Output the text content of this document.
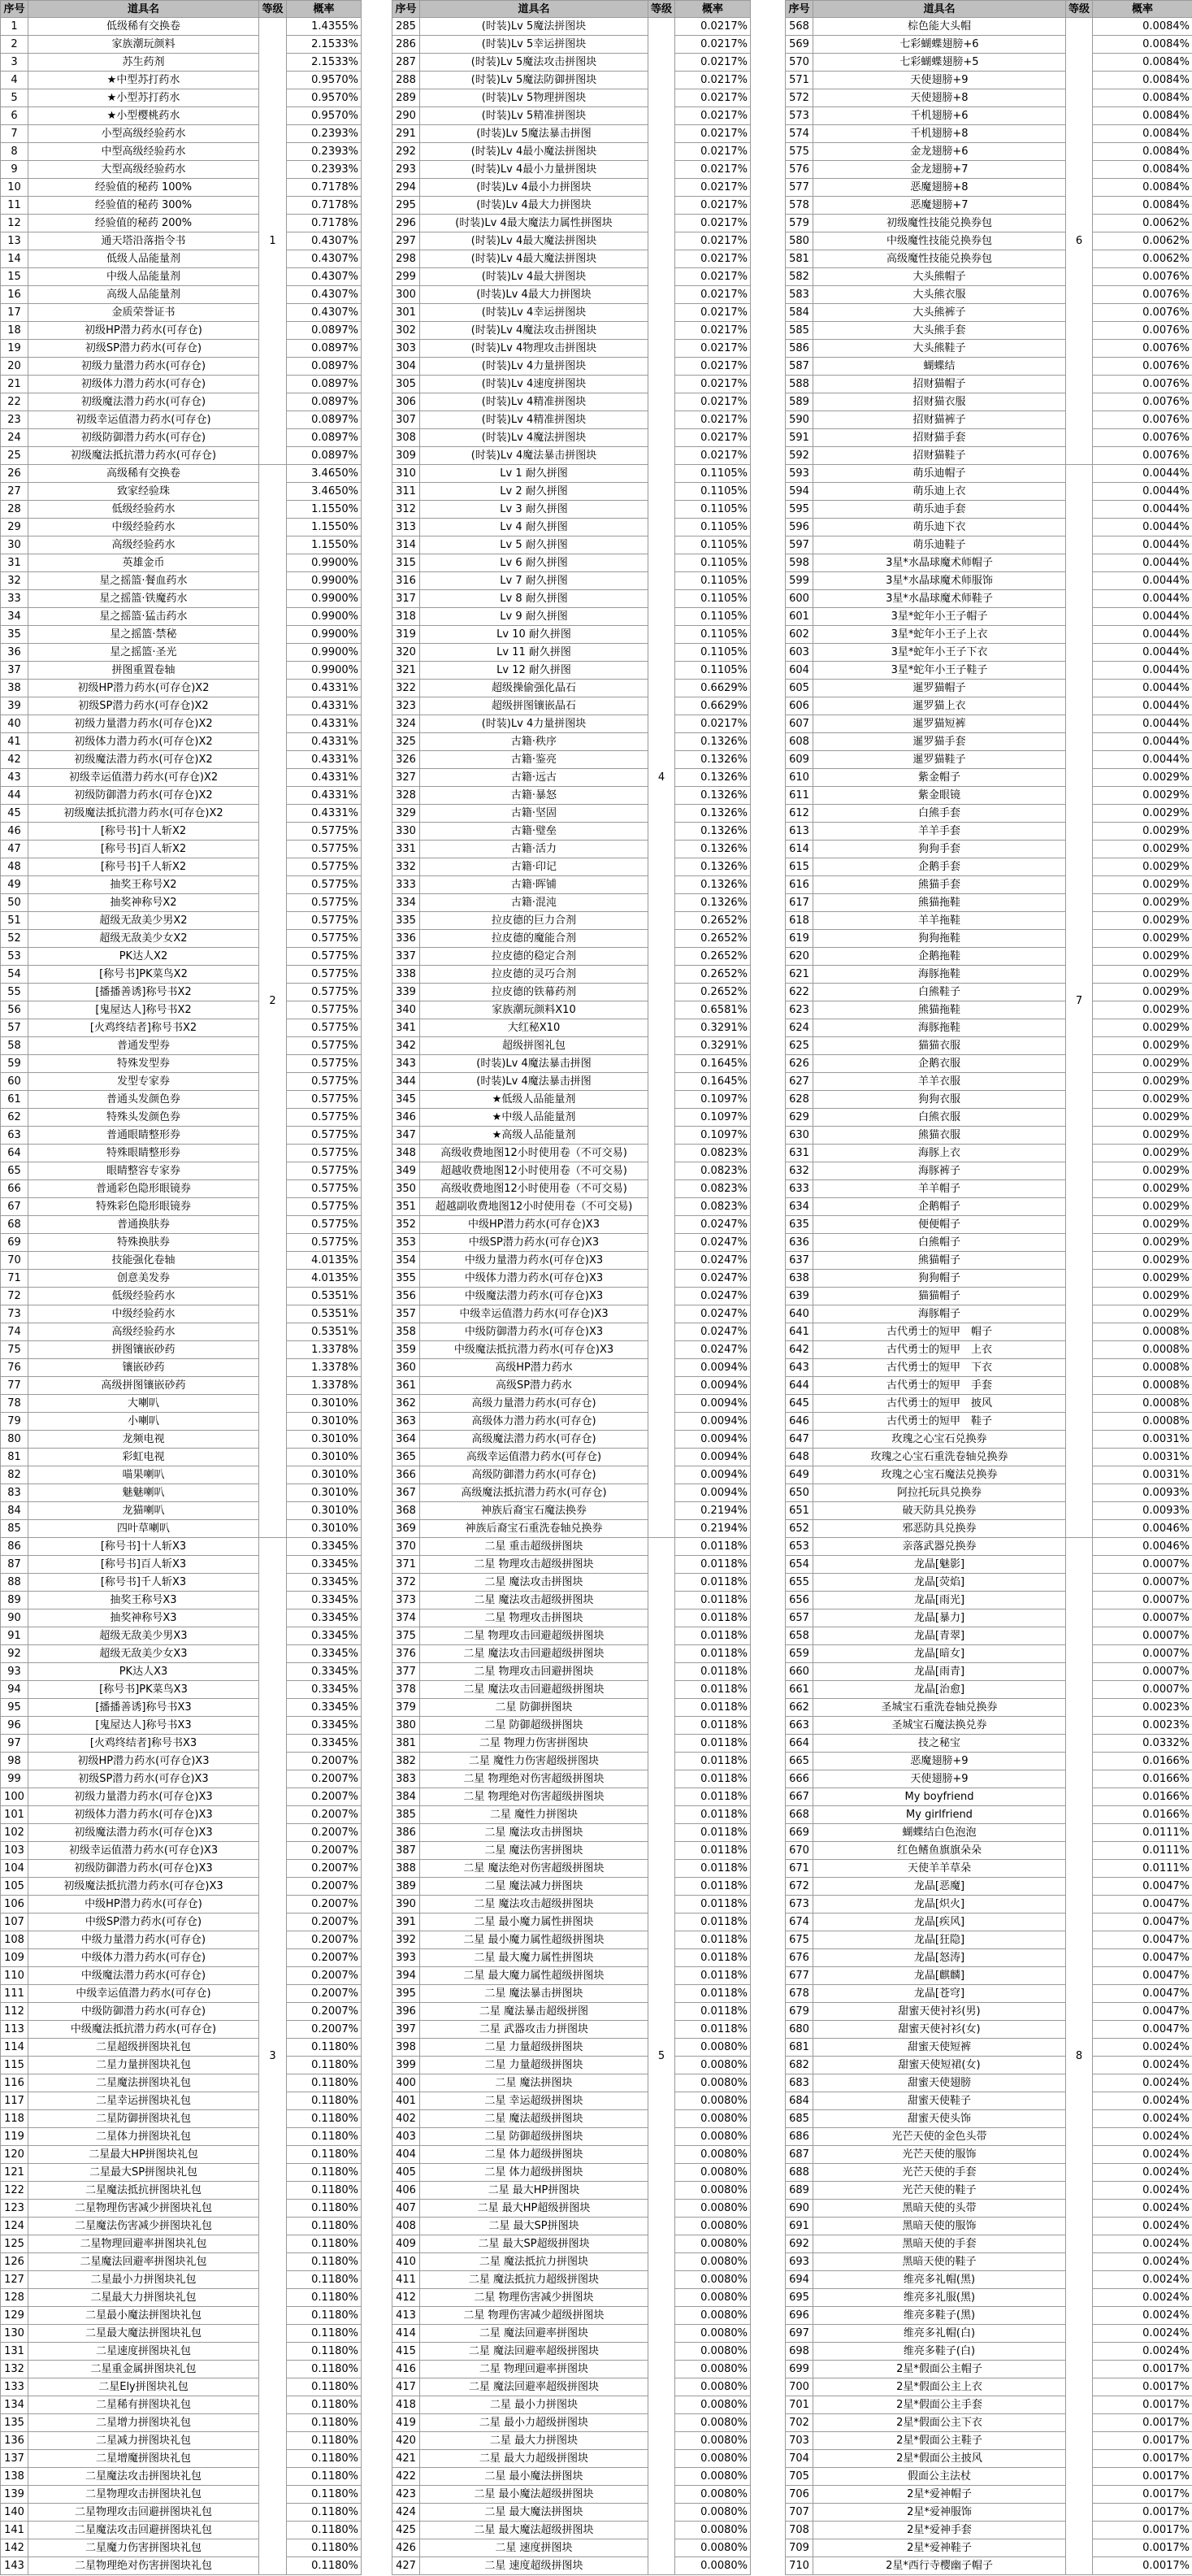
序号	道具名	等级	概率
1	低级稀有交换卷	1	1.4355%
2	家族潮玩颜料		2.1533%
3	苏生药剂		2.1533%
4	★中型苏打药水		0.9570%
5	★小型苏打药水		0.9570%
6	★小型樱桃药水		0.9570%
7	小型高级经验药水		0.2393%
8	中型高级经验药水		0.2393%
9	大型高级经验药水		0.2393%
10	经验值的秘药 100%		0.7178%
11	经验值的秘药 300%		0.7178%
12	经验值的秘药 200%		0.7178%
13	通天塔沿落指令书		0.4307%
14	低级人品能量剂		0.4307%
15	中级人品能量剂		0.4307%
16	高级人品能量剂		0.4307%
17	金质荣誉证书		0.4307%
18	初级HP潜力药水(可存仓)		0.0897%
19	初级SP潜力药水(可存仓)		0.0897%
20	初级力量潜力药水(可存仓)		0.0897%
21	初级体力潜力药水(可存仓)		0.0897%
22	初级魔法潜力药水(可存仓)		0.0897%
23	初级幸运值潜力药水(可存仓)		0.0897%
24	初级防御潜力药水(可存仓)		0.0897%
25	初级魔法抵抗潜力药水(可存仓)		0.0897%
26	高级稀有交换卷	2	3.4650%
27	致家经验珠		3.4650%
28	低级经验药水		1.1550%
29	中级经验药水		1.1550%
30	高级经验药水		1.1550%
31	英雄金币		0.9900%
32	星之摇篮·餐血药水		0.9900%
33	星之摇篮·铁魔药水		0.9900%
34	星之摇篮·猛击药水		0.9900%
35	星之摇篮·禁秘		0.9900%
36	星之摇篮·圣光		0.9900%
37	拼图重置卷轴		0.9900%
38	初级HP潜力药水(可存仓)X2		0.4331%
39	初级SP潜力药水(可存仓)X2		0.4331%
40	初级力量潜力药水(可存仓)X2		0.4331%
41	初级体力潜力药水(可存仓)X2		0.4331%
42	初级魔法潜力药水(可存仓)X2		0.4331%
43	初级幸运值潜力药水(可存仓)X2		0.4331%
44	初级防御潜力药水(可存仓)X2		0.4331%
45	初级魔法抵抗潜力药水(可存仓)X2		0.4331%
46	[称号书]十人斩X2		0.5775%
47	[称号书]百人斩X2		0.5775%
48	[称号书]千人斩X2		0.5775%
49	抽奖王称号X2		0.5775%
50	抽奖神称号X2		0.5775%
51	超级无敌美少男X2		0.5775%
52	超级无敌美少女X2		0.5775%
53	PK达人X2		0.5775%
54	[称号书]PK菜鸟X2		0.5775%
55	[播播善诱]称号书X2		0.5775%
56	[鬼屋达人]称号书X2		0.5775%
57	[火鸡终结者]称号书X2		0.5775%
58	普通发型券		0.5775%
59	特殊发型券		0.5775%
60	发型专家券		0.5775%
61	普通头发颜色券		0.5775%
62	特殊头发颜色券		0.5775%
63	普通眼睛整形券		0.5775%
64	特殊眼睛整形券		0.5775%
65	眼睛整容专家券		0.5775%
66	普通彩色隐形眼镜券		0.5775%
67	特殊彩色隐形眼镜券		0.5775%
68	普通换肤券		0.5775%
69	特殊换肤券		0.5775%
70	技能强化卷轴		4.0135%
71	创意美发券		4.0135%
72	低级经验药水		0.5351%
73	中级经验药水		0.5351%
74	高级经验药水		0.5351%
75	拼图镶嵌砂药		1.3378%
76	镶嵌砂药		1.3378%
77	高级拼图镶嵌砂药		1.3378%
78	大喇叭		0.3010%
79	小喇叭		0.3010%
80	龙频电视		0.3010%
81	彩虹电视		0.3010%
82	喵果喇叭		0.3010%
83	魅魅喇叭		0.3010%
84	龙猫喇叭		0.3010%
85	四叶草喇叭		0.3010%
86	[称号书]十人斩X3	3	0.3345%
87	[称号书]百人斩X3		0.3345%
88	[称号书]千人斩X3		0.3345%
89	抽奖王称号X3		0.3345%
90	抽奖神称号X3		0.3345%
91	超级无敌美少男X3		0.3345%
92	超级无敌美少女X3		0.3345%
93	PK达人X3		0.3345%
94	[称号书]PK菜鸟X3		0.3345%
95	[播播善诱]称号书X3		0.3345%
96	[鬼屋达人]称号书X3		0.3345%
97	[火鸡终结者]称号书X3		0.3345%
98	初级HP潜力药水(可存仓)X3		0.2007%
99	初级SP潜力药水(可存仓)X3		0.2007%
100	初级力量潜力药水(可存仓)X3		0.2007%
101	初级体力潜力药水(可存仓)X3		0.2007%
102	初级魔法潜力药水(可存仓)X3		0.2007%
103	初级幸运值潜力药水(可存仓)X3		0.2007%
104	初级防御潜力药水(可存仓)X3		0.2007%
105	初级魔法抵抗潜力药水(可存仓)X3		0.2007%
106	中级HP潜力药水(可存仓)		0.2007%
107	中级SP潜力药水(可存仓)		0.2007%
108	中级力量潜力药水(可存仓)		0.2007%
109	中级体力潜力药水(可存仓)		0.2007%
110	中级魔法潜力药水(可存仓)		0.2007%
111	中级幸运值潜力药水(可存仓)		0.2007%
112	中级防御潜力药水(可存仓)		0.2007%
113	中级魔法抵抗潜力药水(可存仓)		0.2007%
114	二星超级拼图块礼包		0.1180%
115	二星力量拼图块礼包		0.1180%
116	二星魔法拼图块礼包		0.1180%
117	二星幸运拼图块礼包		0.1180%
118	二星防御拼图块礼包		0.1180%
119	二星体力拼图块礼包		0.1180%
120	二星最大HP拼图块礼包		0.1180%
121	二星最大SP拼图块礼包		0.1180%
122	二星魔法抵抗拼图块礼包		0.1180%
123	二星物理伤害减少拼图块礼包		0.1180%
124	二星魔法伤害减少拼图块礼包		0.1180%
125	二星物理回避率拼图块礼包		0.1180%
126	二星魔法回避率拼图块礼包		0.1180%
127	二星最小力拼图块礼包		0.1180%
128	二星最大力拼图块礼包		0.1180%
129	二星最小魔法拼图块礼包		0.1180%
130	二星最大魔法拼图块礼包		0.1180%
131	二星速度拼图块礼包		0.1180%
132	二星重金属拼图块礼包		0.1180%
133	二星Ely拼图块礼包		0.1180%
134	二星稀有拼图块礼包		0.1180%
135	二星增力拼图块礼包		0.1180%
136	二星减力拼图块礼包		0.1180%
137	二星增魔拼图块礼包		0.1180%
138	二星魔法攻击拼图块礼包		0.1180%
139	二星物理攻击拼图块礼包		0.1180%
140	二星物理攻击回避拼图块礼包		0.1180%
141	二星魔法攻击回避拼图块礼包		0.1180%
142	二星魔力伤害拼图块礼包		0.1180%
143	二星物理绝对伤害拼图块礼包		0.1180%
序号	道具名	等级	概率
285	(时装)Lv 5魔法拼图块	4	0.0217%
286	(时装)Lv 5幸运拼图块		0.0217%
287	(时装)Lv 5魔法攻击拼图块		0.0217%
288	(时装)Lv 5魔法防御拼图块		0.0217%
289	(时装)Lv 5物理拼图块		0.0217%
290	(时装)Lv 5精准拼图块		0.0217%
291	(时装)Lv 5魔法暴击拼图		0.0217%
292	(时装)Lv 4最小魔法拼图块		0.0217%
293	(时装)Lv 4最小力量拼图块		0.0217%
294	(时装)Lv 4最小力拼图块		0.0217%
295	(时装)Lv 4最大力拼图块		0.0217%
296	(时装)Lv 4最大魔法力属性拼图块		0.0217%
297	(时装)Lv 4最大魔法拼图块		0.0217%
298	(时装)Lv 4最大魔法拼图块		0.0217%
299	(时装)Lv 4最大拼图块		0.0217%
300	(时装)Lv 4最大力拼图块		0.0217%
301	(时装)Lv 4幸运拼图块		0.0217%
302	(时装)Lv 4魔法攻击拼图块		0.0217%
303	(时装)Lv 4物理攻击拼图块		0.0217%
304	(时装)Lv 4力量拼图块		0.0217%
305	(时装)Lv 4速度拼图块		0.0217%
306	(时装)Lv 4精准拼图块		0.0217%
307	(时装)Lv 4精准拼图块		0.0217%
308	(时装)Lv 4魔法拼图块		0.0217%
309	(时装)Lv 4魔法暴击拼图块		0.0217%
310	Lv 1 耐久拼图		0.1105%
311	Lv 2 耐久拼图		0.1105%
312	Lv 3 耐久拼图		0.1105%
313	Lv 4 耐久拼图		0.1105%
314	Lv 5 耐久拼图		0.1105%
315	Lv 6 耐久拼图		0.1105%
316	Lv 7 耐久拼图		0.1105%
317	Lv 8 耐久拼图		0.1105%
318	Lv 9 耐久拼图		0.1105%
319	Lv 10 耐久拼图		0.1105%
320	Lv 11 耐久拼图		0.1105%
321	Lv 12 耐久拼图		0.1105%
322	超级操偷强化晶石		0.6629%
323	超级拼图镶嵌晶石		0.6629%
324	(时装)Lv 4力量拼图块		0.0217%
325	古籍·秩序		0.1326%
326	古籍·鉴亮		0.1326%
327	古籍·远古		0.1326%
328	古籍·暴怒		0.1326%
329	古籍·坚固		0.1326%
330	古籍·璧垒		0.1326%
331	古籍·活力		0.1326%
332	古籍·印记		0.1326%
333	古籍·晖铺		0.1326%
334	古籍·混沌		0.1326%
335	拉皮德的巨力合剂		0.2652%
336	拉皮德的魔能合剂		0.2652%
337	拉皮德的稳定合剂		0.2652%
338	拉皮德的灵巧合剂		0.2652%
339	拉皮德的铁幕药剂		0.2652%
340	家族潮玩颜料X10		0.6581%
341	大红秘X10		0.3291%
342	超级拼图礼包		0.3291%
343	(时装)Lv 4魔法暴击拼图		0.1645%
344	(时装)Lv 4魔法暴击拼图		0.1645%
345	★低级人品能量剂		0.1097%
346	★中级人品能量剂		0.1097%
347	★高级人品能量剂		0.1097%
348	高级收费地图12小时使用卷（不可交易)		0.0823%
349	超越收费地图12小时使用卷（不可交易)		0.0823%
350	高级收费地图12小时使用卷（不可交易)		0.0823%
351	超越副收费地图12小时使用卷（不可交易)		0.0823%
352	中级HP潜力药水(可存仓)X3		0.0247%
353	中级SP潜力药水(可存仓)X3		0.0247%
354	中级力量潜力药水(可存仓)X3		0.0247%
355	中级体力潜力药水(可存仓)X3		0.0247%
356	中级魔法潜力药水(可存仓)X3		0.0247%
357	中级幸运值潜力药水(可存仓)X3		0.0247%
358	中级防御潜力药水(可存仓)X3		0.0247%
359	中级魔法抵抗潜力药水(可存仓)X3		0.0247%
360	高级HP潜力药水		0.0094%
361	高级SP潜力药水		0.0094%
362	高级力量潜力药水(可存仓)		0.0094%
363	高级体力潜力药水(可存仓)		0.0094%
364	高级魔法潜力药水(可存仓)		0.0094%
365	高级幸运值潜力药水(可存仓)		0.0094%
366	高级防御潜力药水(可存仓)		0.0094%
367	高级魔法抵抗潜力药水(可存仓)		0.0094%
368	神族后裔宝石魔法换券		0.2194%
369	神族后裔宝石重洗卷轴兑换券		0.2194%
370	二星 重击超级拼图块	5	0.0118%
371	二星 物理攻击超级拼图块		0.0118%
372	二星 魔法攻击拼图块		0.0118%
373	二星 魔法攻击超级拼图块		0.0118%
374	二星 物理攻击拼图块		0.0118%
375	二星 物理攻击回避超级拼图块		0.0118%
376	二星 魔法攻击回避超级拼图块		0.0118%
377	二星 物理攻击回避拼图块		0.0118%
378	二星 魔法攻击回避超级拼图块		0.0118%
379	二星 防御拼图块		0.0118%
380	二星 防御超级拼图块		0.0118%
381	二星 物理力伤害拼图块		0.0118%
382	二星 魔性力伤害超级拼图块		0.0118%
383	二星 物理绝对伤害超级拼图块		0.0118%
384	二星 物理绝对伤害超级拼图块		0.0118%
385	二星 魔性力拼图块		0.0118%
386	二星 魔法攻击拼图块		0.0118%
387	二星 魔法伤害拼图块		0.0118%
388	二星 魔法绝对伤害超级拼图块		0.0118%
389	二星 魔法减力拼图块		0.0118%
390	二星 魔法攻击超级拼图块		0.0118%
391	二星 最小魔力属性拼图块		0.0118%
392	二星 最小魔力属性超级拼图块		0.0118%
393	二星 最大魔力属性拼图块		0.0118%
394	二星 最大魔力属性超级拼图块		0.0118%
395	二星 魔法暴击拼图块		0.0118%
396	二星 魔法暴击超级拼图		0.0118%
397	二星 武器攻击力拼图块		0.0118%
398	二星 力量超级拼图块		0.0080%
399	二星 力量超级拼图块		0.0080%
400	二星 魔法拼图块		0.0080%
401	二星 幸运超级拼图块		0.0080%
402	二星 魔法超级拼图块		0.0080%
403	二星 防御超级拼图块		0.0080%
404	二星 体力超级拼图块		0.0080%
405	二星 体力超级拼图块		0.0080%
406	二星 最大HP拼图块		0.0080%
407	二星 最大HP超级拼图块		0.0080%
408	二星 最大SP拼图块		0.0080%
409	二星 最大SP超级拼图块		0.0080%
410	二星 魔法抵抗力拼图块		0.0080%
411	二星 魔法抵抗力超级拼图块		0.0080%
412	二星 物理伤害减少拼图块		0.0080%
413	二星 物理伤害减少超级拼图块		0.0080%
414	二星 魔法回避率拼图块		0.0080%
415	二星 魔法回避率超级拼图块		0.0080%
416	二星 物理回避率拼图块		0.0080%
417	二星 魔法回避率超级拼图块		0.0080%
418	二星 最小力拼图块		0.0080%
419	二星 最小力超级拼图块		0.0080%
420	二星 最大力拼图块		0.0080%
421	二星 最大力超级拼图块		0.0080%
422	二星 最小魔法拼图块		0.0080%
423	二星 最小魔法超级拼图块		0.0080%
424	二星 最大魔法拼图块		0.0080%
425	二星 最大魔法超级拼图块		0.0080%
426	二星 速度拼图块		0.0080%
427	二星 速度超级拼图块		0.0080%
序号	道具名	等级	概率
568	棕色能大头帽	6	0.0084%
569	七彩蝴蝶翅膀+6		0.0084%
570	七彩蝴蝶翅膀+5		0.0084%
571	天使翅膀+9		0.0084%
572	天使翅膀+8		0.0084%
573	千机翅膀+6		0.0084%
574	千机翅膀+8		0.0084%
575	金龙翅膀+6		0.0084%
576	金龙翅膀+7		0.0084%
577	恶魔翅膀+8		0.0084%
578	恶魔翅膀+7		0.0084%
579	初级魔性技能兑换券包		0.0062%
580	中级魔性技能兑换券包		0.0062%
581	高级魔性技能兑换券包		0.0062%
582	大头熊帽子		0.0076%
583	大头熊衣服		0.0076%
584	大头熊裤子		0.0076%
585	大头熊手套		0.0076%
586	大头熊鞋子		0.0076%
587	蝴蝶结		0.0076%
588	招财猫帽子		0.0076%
589	招财猫衣服		0.0076%
590	招财猫裤子		0.0076%
591	招财猫手套		0.0076%
592	招财猫鞋子		0.0076%
593	萌乐迪帽子	7	0.0044%
594	萌乐迪上衣		0.0044%
595	萌乐迪手套		0.0044%
596	萌乐迪下衣		0.0044%
597	萌乐迪鞋子		0.0044%
598	3星*水晶球魔术师帽子		0.0044%
599	3星*水晶球魔术师服饰		0.0044%
600	3星*水晶球魔术师鞋子		0.0044%
601	3星*蛇年小王子帽子		0.0044%
602	3星*蛇年小王子上衣		0.0044%
603	3星*蛇年小王子下衣		0.0044%
604	3星*蛇年小王子鞋子		0.0044%
605	暹罗猫帽子		0.0044%
606	暹罗猫上衣		0.0044%
607	暹罗猫短裤		0.0044%
608	暹罗猫手套		0.0044%
609	暹罗猫鞋子		0.0044%
610	紫金帽子		0.0029%
611	紫金眼镜		0.0029%
612	白熊手套		0.0029%
613	羊羊手套		0.0029%
614	狗狗手套		0.0029%
615	企鹅手套		0.0029%
616	熊猫手套		0.0029%
617	熊猫拖鞋		0.0029%
618	羊羊拖鞋		0.0029%
619	狗狗拖鞋		0.0029%
620	企鹅拖鞋		0.0029%
621	海豚拖鞋		0.0029%
622	白熊鞋子		0.0029%
623	熊猫拖鞋		0.0029%
624	海豚拖鞋		0.0029%
625	猫猫衣服		0.0029%
626	企鹅衣服		0.0029%
627	羊羊衣服		0.0029%
628	狗狗衣服		0.0029%
629	白熊衣服		0.0029%
630	熊猫衣服		0.0029%
631	海豚上衣		0.0029%
632	海豚裤子		0.0029%
633	羊羊帽子		0.0029%
634	企鹅帽子		0.0029%
635	便便帽子		0.0029%
636	白熊帽子		0.0029%
637	熊猫帽子		0.0029%
638	狗狗帽子		0.0029%
639	猫猫帽子		0.0029%
640	海豚帽子		0.0029%
641	古代勇士的短甲　帽子		0.0008%
642	古代勇士的短甲　上衣		0.0008%
643	古代勇士的短甲　下衣		0.0008%
644	古代勇士的短甲　手套		0.0008%
645	古代勇士的短甲　披风		0.0008%
646	古代勇士的短甲　鞋子		0.0008%
647	玫瑰之心宝石兑换券		0.0031%
648	玫瑰之心宝石重洗卷轴兑换券		0.0031%
649	玫瑰之心宝石魔法兑换券		0.0031%
650	阿拉托玩具兑换券		0.0093%
651	破天防具兑换券		0.0093%
652	邪恶防具兑换券		0.0046%
653	亲落武器兑换券	8	0.0046%
654	龙晶[魅影]		0.0007%
655	龙晶[荧焰]		0.0007%
656	龙晶[雨光]		0.0007%
657	龙晶[暴力]		0.0007%
658	龙晶[青翠]		0.0007%
659	龙晶[暗女]		0.0007%
660	龙晶[雨青]		0.0007%
661	龙晶[治愈]		0.0007%
662	圣城宝石重洗卷轴兑换券		0.0023%
663	圣城宝石魔法换兑券		0.0023%
664	技之秘宝		0.0332%
665	恶魔翅膀+9		0.0166%
666	天使翅膀+9		0.0166%
667	My boyfriend		0.0166%
668	My girlfriend		0.0166%
669	蝴蝶结白色泡泡		0.0111%
670	红色鳍鱼旗旗朵朵		0.0111%
671	天使羊羊草朵		0.0111%
672	龙晶[恶魔]		0.0047%
673	龙晶[炽火]		0.0047%
674	龙晶[疾风]		0.0047%
675	龙晶[狂隐]		0.0047%
676	龙晶[怒涛]		0.0047%
677	龙晶[麒麟]		0.0047%
678	龙晶[苍穹]		0.0047%
679	甜蜜天使衬衫(男)		0.0047%
680	甜蜜天使衬衫(女)		0.0047%
681	甜蜜天使短裤		0.0024%
682	甜蜜天使短裙(女)		0.0024%
683	甜蜜天使翅膀		0.0024%
684	甜蜜天使鞋子		0.0024%
685	甜蜜天使头饰		0.0024%
686	光芒天使的金色头带		0.0024%
687	光芒天使的服饰		0.0024%
688	光芒天使的手套		0.0024%
689	光芒天使的鞋子		0.0024%
690	黑暗天使的头带		0.0024%
691	黑暗天使的服饰		0.0024%
692	黑暗天使的手套		0.0024%
693	黑暗天使的鞋子		0.0024%
694	维亮多礼帽(黑)		0.0024%
695	维亮多礼服(黑)		0.0024%
696	维亮多鞋子(黑)		0.0024%
697	维亮多礼帽(白)		0.0024%
698	维亮多鞋子(白)		0.0024%
699	2星*假面公主帽子		0.0017%
700	2星*假面公主上衣		0.0017%
701	2星*假面公主手套		0.0017%
702	2星*假面公主下衣		0.0017%
703	2星*假面公主鞋子		0.0017%
704	2星*假面公主披风		0.0017%
705	假面公主法杖		0.0017%
706	2星*爱神帽子		0.0017%
707	2星*爱神服饰		0.0017%
708	2星*爱神手套		0.0017%
709	2星*爱神鞋子		0.0017%
710	2星*西行寺樱幽子帽子		0.0017%
